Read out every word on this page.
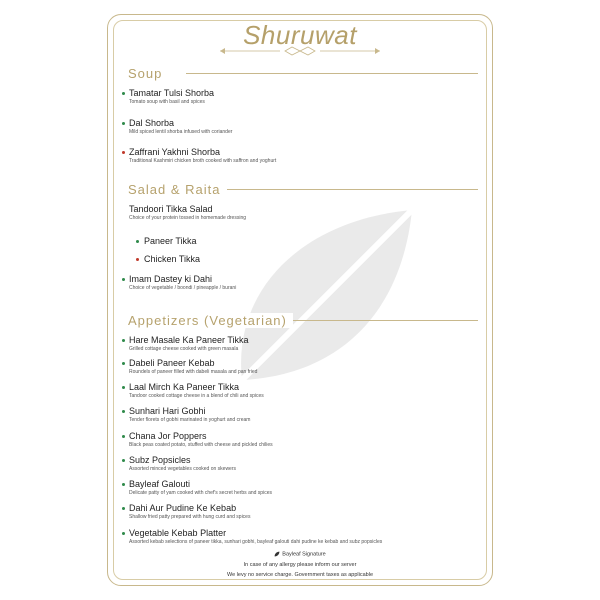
Shuruwat
Soup
Tamatar Tulsi Shorba
Tomato soup with basil and spices
Dal Shorba
Mild spiced lentil shorba infused with coriander
Zaffrani Yakhni Shorba
Traditional Kashmiri chicken broth cooked with saffron and yoghurt
Salad & Raita
Tandoori Tikka Salad
Choice of your protein tossed in homemade dressing
Paneer Tikka
Chicken Tikka
Imam Dastey ki Dahi
Choice of vegetable / boondi / pineapple / burani
Appetizers (Vegetarian)
Hare Masale Ka Paneer Tikka
Grilled cottage cheese cooked with green masala
Dabeli Paneer Kebab
Roundels of paneer filled with dabeli masala and pan fried
Laal Mirch Ka Paneer Tikka
Tandoor cooked cottage cheese in a blend of chili and spices
Sunhari Hari Gobhi
Tender florets of gobhi marinated in yoghurt and cream
Chana Jor Poppers
Black peas coated potato, stuffed with cheese and pickled chilies
Subz Popsicles
Assorted minced vegetables cooked on skewers
Bayleaf Galouti
Delicate patty of yam cooked with chef's secret herbs and spices
Dahi Aur Pudine Ke Kebab
Shallow fried patty prepared with hung curd and spices
Vegetable Kebab Platter
Assorted kebab selections of paneer tikka, sunhari gobhi, bayleaf galouti dahi pudine ke kebab and subz popsicles
Bayleaf Signature
In case of any allergy please inform our server
We levy no service charge. Government taxes as applicable
